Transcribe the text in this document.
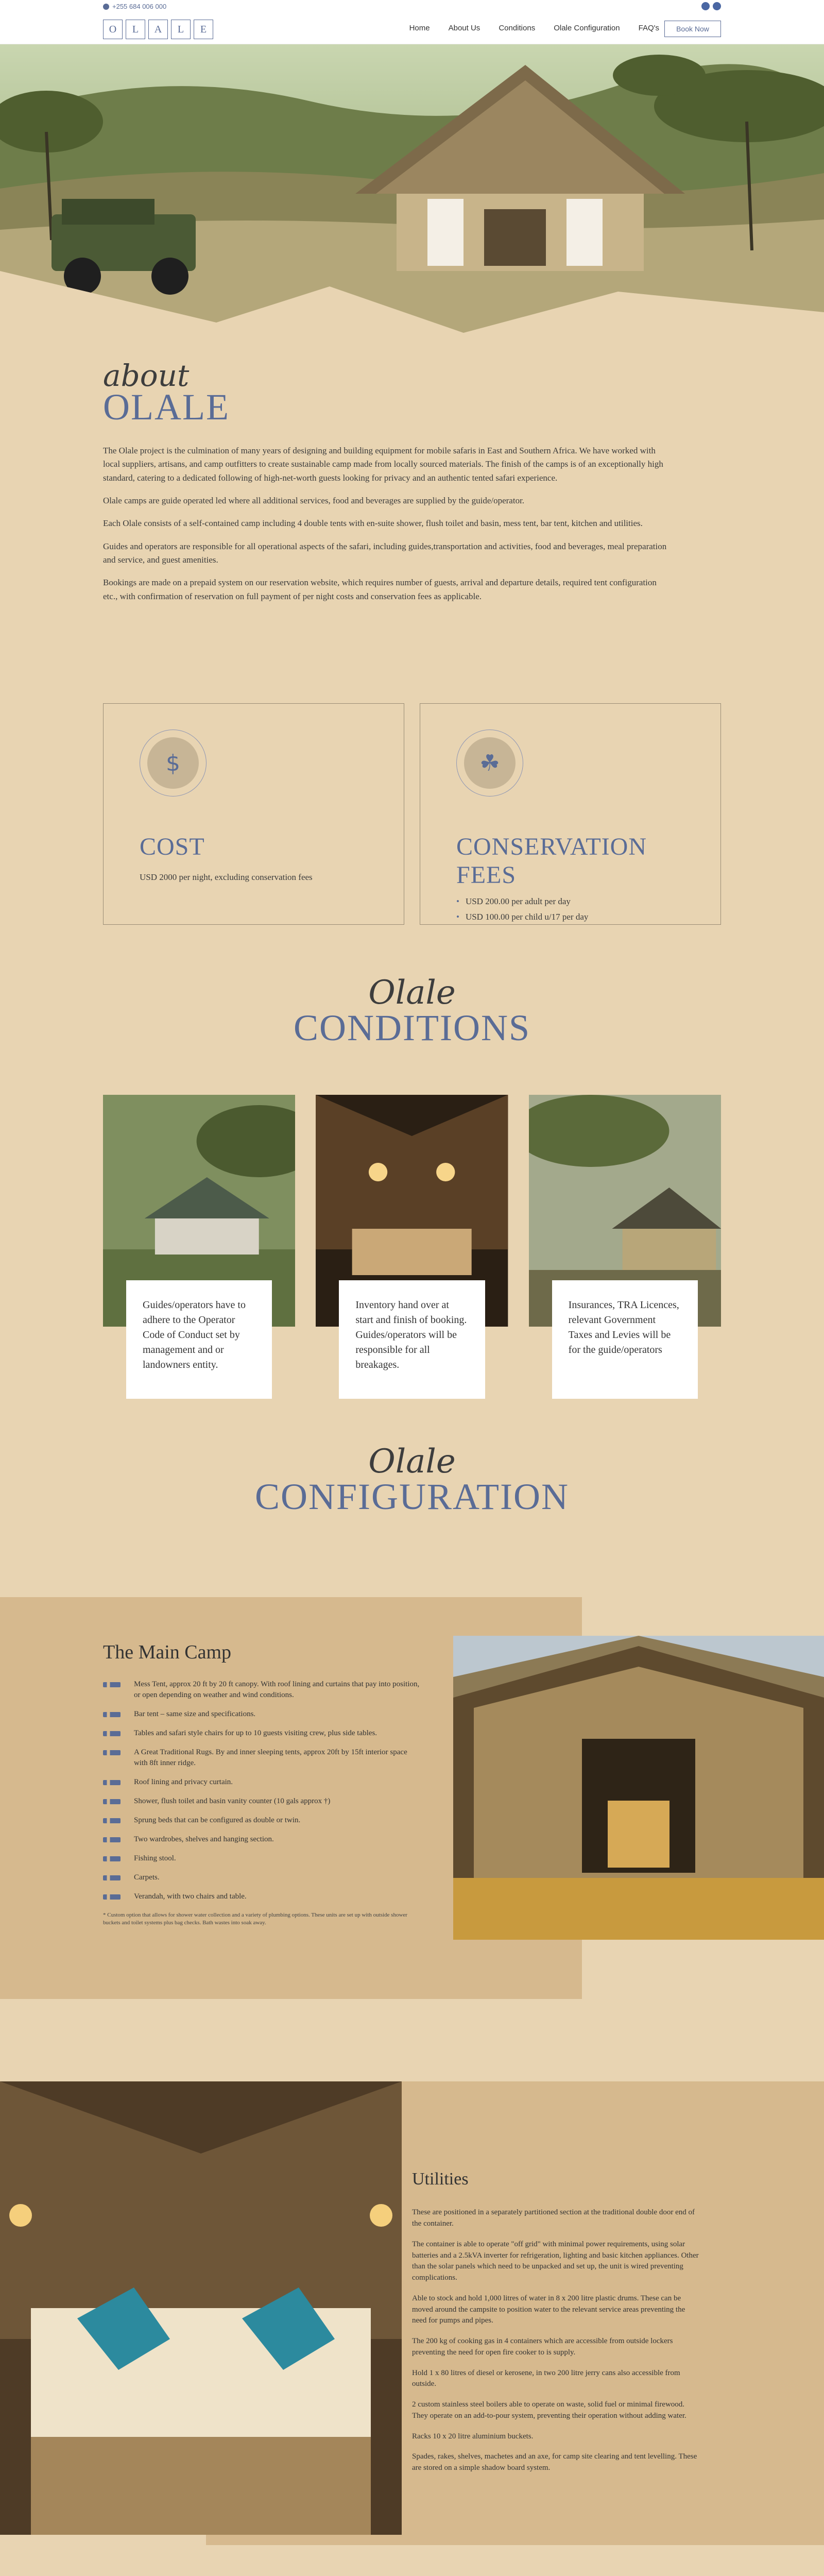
+255 684 006 000
O	L	A	L	E	Home About Us Conditions Olale Configuration FAQ's	Book Now
about
OLALE

The Olale project is the culmination of many years of designing and building equipment for mobile safaris in East and Southern Africa. We have worked with local suppliers, artisans, and camp outfitters to create sustainable camp made from locally sourced materials. The finish of the camps is of an exceptionally high standard, catering to a dedicated following of high-net-worth guests looking for privacy and an authentic tented safari experience.

Olale camps are guide operated led where all additional services, food and beverages are supplied by the guide/operator.

Each Olale consists of a self-contained camp including 4 double tents with en-suite shower, flush toilet and basin, mess tent, bar tent, kitchen and utilities.

Guides and operators are responsible for all operational aspects of the safari, including guides,transportation and activities, food and beverages, meal preparation and service, and guest amenities.

Bookings are made on a prepaid system on our reservation website, which requires number of guests, arrival and departure details, required tent configuration etc., with confirmation of reservation on full payment of per night costs and conservation fees as applicable.

$
COST
USD 2000 per night, excluding conservation fees
☘
CONSERVATION FEES
• USD 200.00 per adult per day
• USD 100.00 per child u/17 per day
Olale
CONDITIONS
Guides/operators have to adhere to the Operator Code of Conduct set by management and or landowners entity.
Inventory hand over at start and finish of booking. Guides/operators will be responsible for all breakages.
Insurances, TRA Licences, relevant Government Taxes and Levies will be for the guide/operators
Olale
CONFIGURATION
The Main Camp
Mess Tent, approx 20 ft by 20 ft canopy. With roof lining and curtains that pay into position, or open depending on weather and wind conditions.
Bar tent – same size and specifications.
Tables and safari style chairs for up to 10 guests visiting crew, plus side tables.
A Great Traditional Rugs. By and inner sleeping tents, approx 20ft by 15ft interior space with 8ft inner ridge.
Roof lining and privacy curtain.
Shower, flush toilet and basin vanity counter (10 gals approx †)
Sprung beds that can be configured as double or twin.
Two wardrobes, shelves and hanging section.
Fishing stool.
Carpets.
Verandah, with two chairs and table.

* Custom option that allows for shower water collection and a variety of plumbing options. These units are set up with outside shower buckets and toilet systems plus bag checks. Bath wastes into soak away.

Utilities

These are positioned in a separately partitioned section at the traditional double door end of the container.

The container is able to operate "off grid" with minimal power requirements, using solar batteries and a 2.5kVA inverter for refrigeration, lighting and basic kitchen appliances. Other than the solar panels which need to be unpacked and set up, the unit is wired preventing complications.

Able to stock and hold 1,000 litres of water in 8 x 200 litre plastic drums. These can be moved around the campsite to position water to the relevant service areas preventing the need for pumps and pipes.

The 200 kg of cooking gas in 4 containers which are accessible from outside lockers preventing the need for open fire cooker to is supply.

Hold 1 x 80 litres of diesel or kerosene, in two 200 litre jerry cans also accessible from outside.

2 custom stainless steel boilers able to operate on waste, solid fuel or minimal firewood. They operate on an add-to-pour system, preventing their operation without adding water.

Racks 10 x 20 litre aluminium buckets.

Spades, rakes, shelves, machetes and an axe, for camp site clearing and tent levelling. These are stored on a simple shadow board system.
